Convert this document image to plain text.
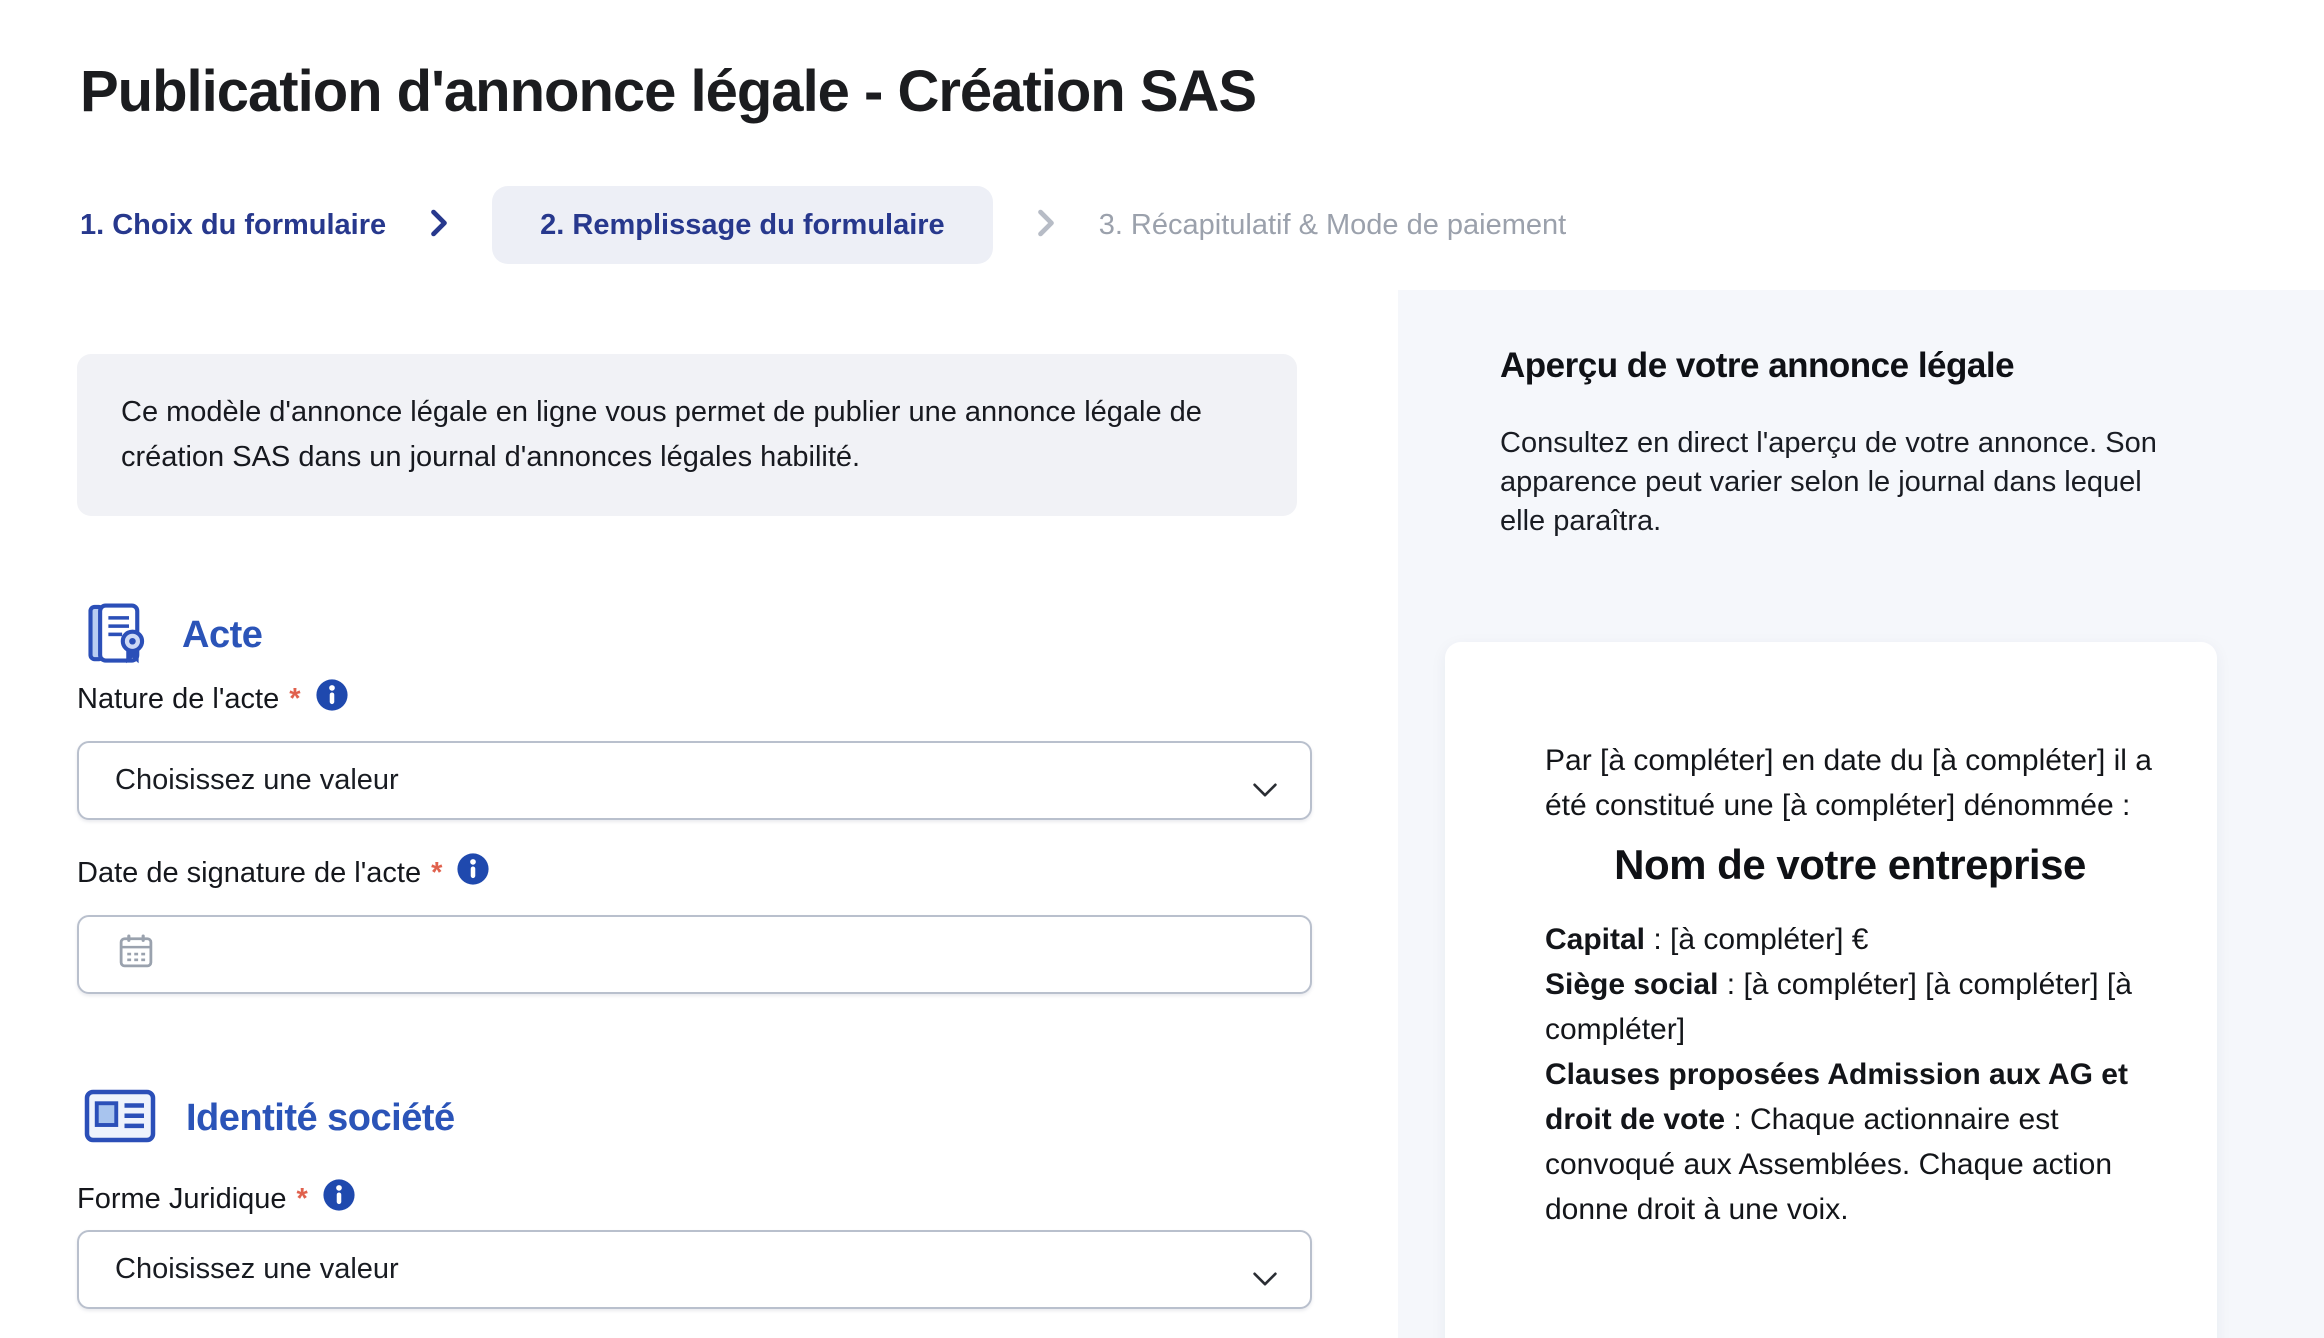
Publication d'annonce légale - Création SAS
1. Choix du formulaire	2. Remplissage du formulaire	3. Récapitulatif & Mode de paiement
Ce modèle d'annonce légale en ligne vous permet de publier une annonce légale de création SAS dans un journal d'annonces légales habilité.
Acte
Nature de l'acte *
Choisissez une valeur
Date de signature de l'acte *
Identité société
Forme Juridique *
Choisissez une valeur
Aperçu de votre annonce légale
Consultez en direct l'aperçu de votre annonce. Son apparence peut varier selon le journal dans lequel elle paraîtra.
Par [à compléter] en date du [à compléter] il a été constitué une [à compléter] dénommée :
Nom de votre entreprise
Capital : [à compléter] €
Siège social : [à compléter] [à compléter] [à compléter]
Clauses proposées Admission aux AG et droit de vote : Chaque actionnaire est convoqué aux Assemblées. Chaque action donne droit à une voix.
